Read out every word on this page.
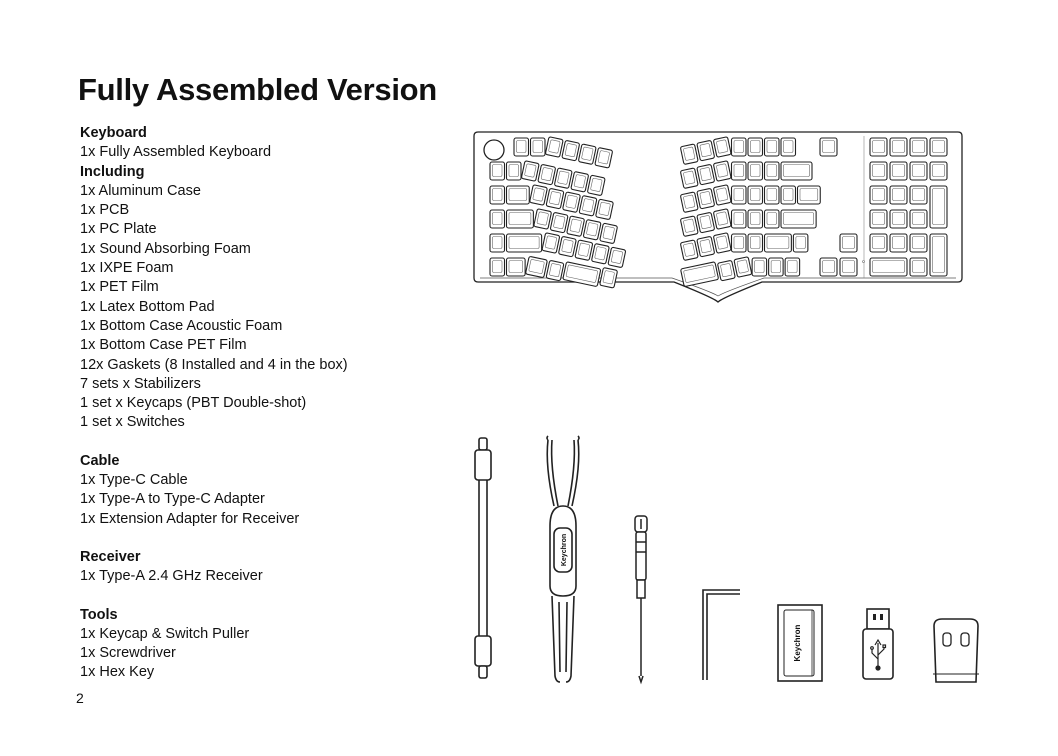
Fully Assembled Version
Keyboard
1x Fully Assembled Keyboard
Including
1x Aluminum Case
1x PCB
1x PC Plate
1x Sound Absorbing Foam
1x IXPE Foam
1x PET Film
1x Latex Bottom Pad
1x Bottom Case Acoustic Foam
1x Bottom Case PET Film
12x Gaskets (8 Installed and 4 in the box)
7 sets x Stabilizers
1 set x Keycaps (PBT Double-shot)
1 set x Switches
Cable
1x Type-C Cable
1x Type-A to Type-C Adapter
1x Extension Adapter for Receiver
Receiver
1x Type-A 2.4 GHz Receiver
Tools
1x Keycap & Switch Puller
1x Screwdriver
1x Hex Key
2
Keychron
Keychron
